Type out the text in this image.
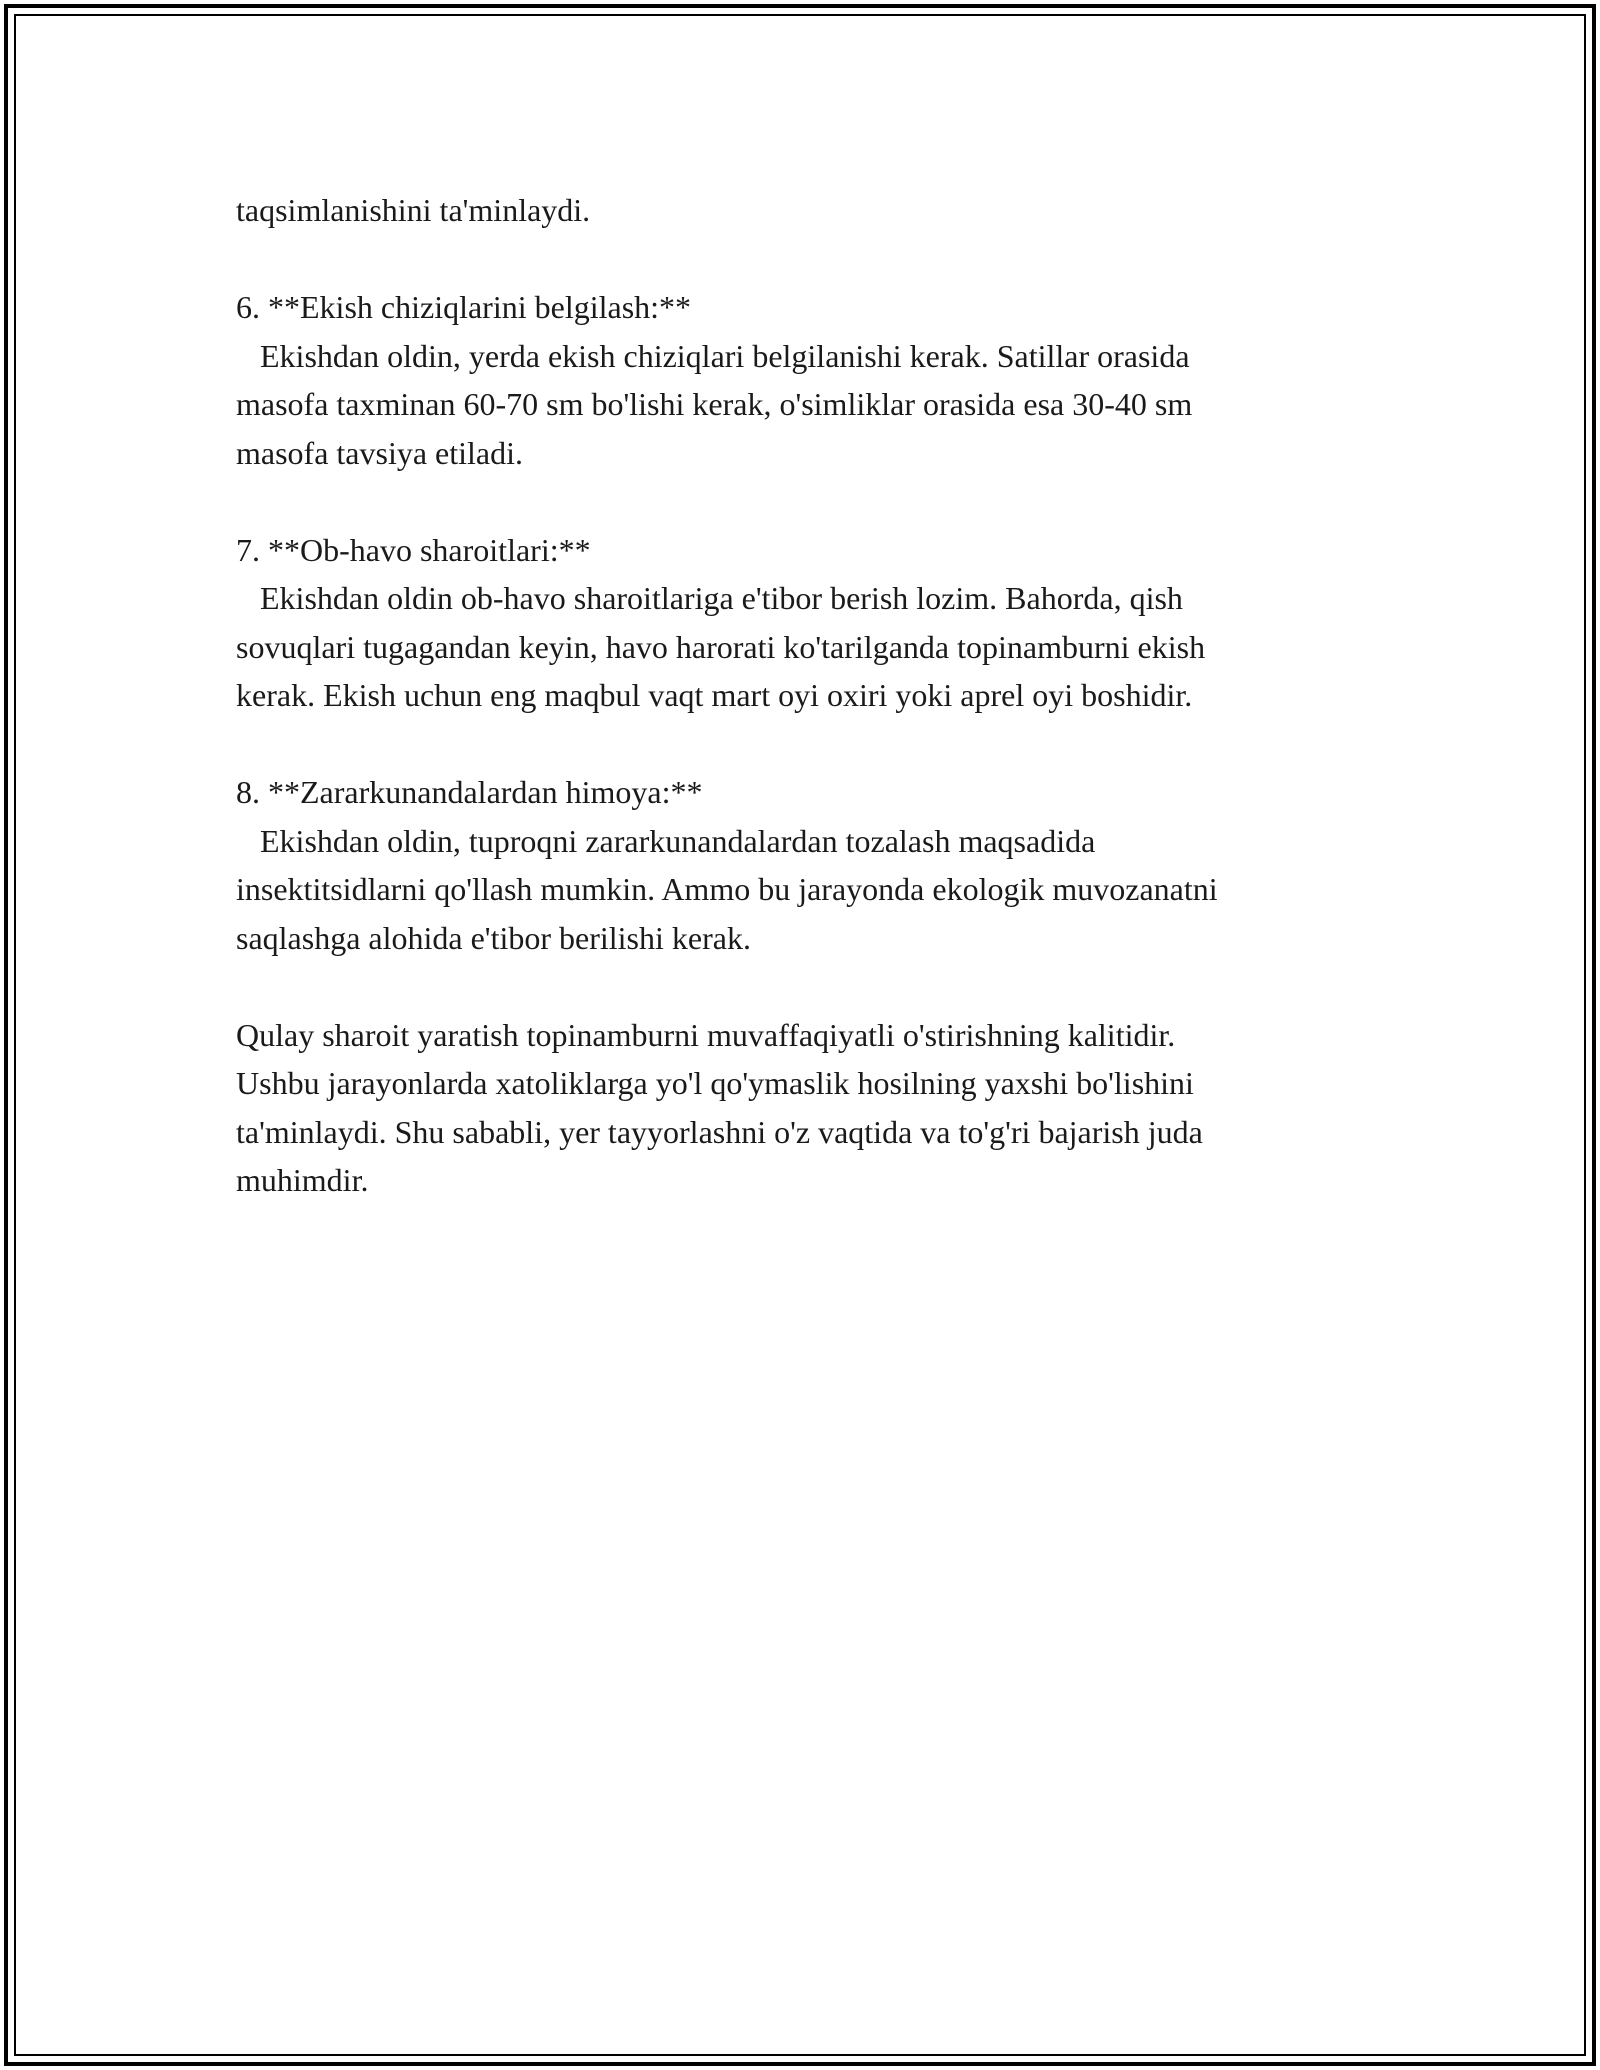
taqsimlanishini ta'minlaydi.
6. **Ekish chiziqlarini belgilash:**
Ekishdan oldin, yerda ekish chiziqlari belgilanishi kerak. Satillar orasida
masofa taxminan 60-70 sm bo'lishi kerak, o'simliklar orasida esa 30-40 sm
masofa tavsiya etiladi.
7. **Ob-havo sharoitlari:**
Ekishdan oldin ob-havo sharoitlariga e'tibor berish lozim. Bahorda, qish
sovuqlari tugagandan keyin, havo harorati ko'tarilganda topinamburni ekish
kerak. Ekish uchun eng maqbul vaqt mart oyi oxiri yoki aprel oyi boshidir.
8. **Zararkunandalardan himoya:**
Ekishdan oldin, tuproqni zararkunandalardan tozalash maqsadida
insektitsidlarni qo'llash mumkin. Ammo bu jarayonda ekologik muvozanatni
saqlashga alohida e'tibor berilishi kerak.
Qulay sharoit yaratish topinamburni muvaffaqiyatli o'stirishning kalitidir.
Ushbu jarayonlarda xatoliklarga yo'l qo'ymaslik hosilning yaxshi bo'lishini
ta'minlaydi. Shu sababli, yer tayyorlashni o'z vaqtida va to'g'ri bajarish juda
muhimdir.
